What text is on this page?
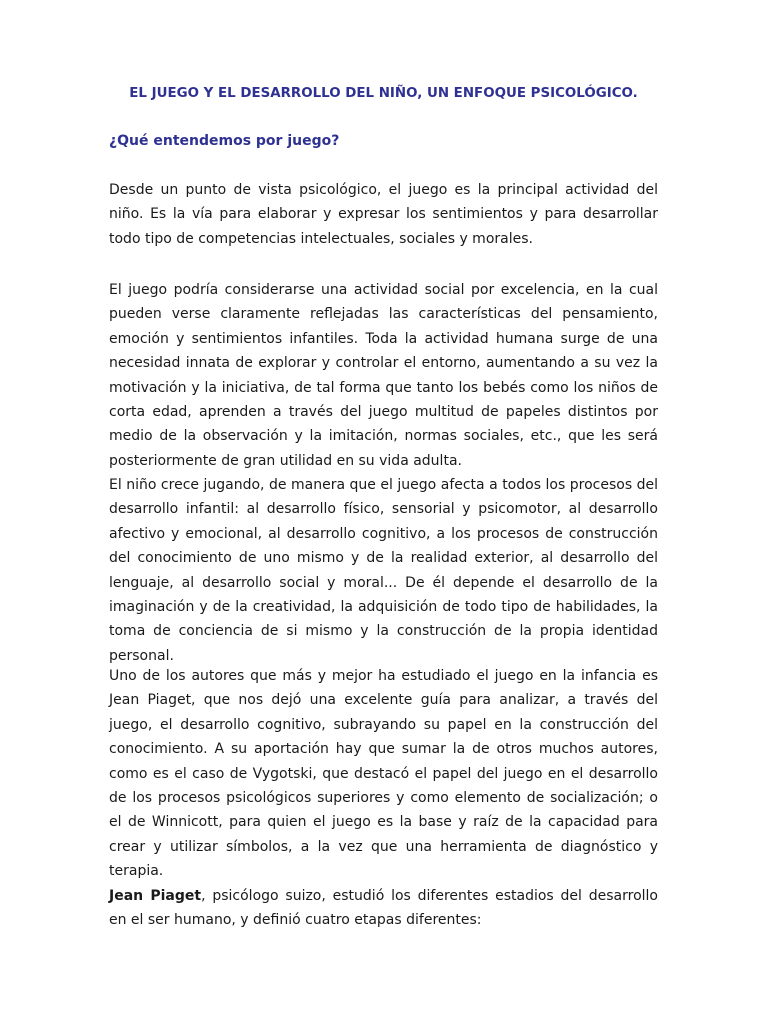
EL JUEGO Y EL DESARROLLO DEL NIÑO, UN ENFOQUE PSICOLÓGICO.
¿Qué entendemos por juego?

Desde un punto de vista psicológico, el juego es la principal actividad del niño. Es la vía para elaborar y expresar los sentimientos y para desarrollar todo tipo de competencias intelectuales, sociales y morales.

El juego podría considerarse una actividad social por excelencia, en la cual pueden verse claramente reflejadas las características del pensamiento, emoción y sentimientos infantiles. Toda la actividad humana surge de una necesidad innata de explorar y controlar el entorno, aumentando a su vez la motivación y la iniciativa, de tal forma que tanto los bebés como los niños de corta edad, aprenden a través del juego multitud de papeles distintos por medio de la observación y la imitación, normas sociales, etc., que les será posteriormente de gran utilidad en su vida adulta.

El niño crece jugando, de manera que el juego afecta a todos los procesos del desarrollo infantil: al desarrollo físico, sensorial y psicomotor, al desarrollo afectivo y emocional, al desarrollo cognitivo, a los procesos de construcción del conocimiento de uno mismo y de la realidad exterior, al desarrollo del lenguaje, al desarrollo social y moral... De él depende el desarrollo de la imaginación y de la creatividad, la adquisición de todo tipo de habilidades, la toma de conciencia de si mismo y la construcción de la propia identidad personal.

Uno de los autores que más y mejor ha estudiado el juego en la infancia es Jean Piaget, que nos dejó una excelente guía para analizar, a través del juego, el desarrollo cognitivo, subrayando su papel en la construcción del conocimiento. A su aportación hay que sumar la de otros muchos autores, como es el caso de Vygotski, que destacó el papel del juego en el desarrollo de los procesos psicológicos superiores y como elemento de socialización; o el de Winnicott, para quien el juego es la base y raíz de la capacidad para crear y utilizar símbolos, a la vez que una herramienta de diagnóstico y terapia.

Jean Piaget, psicólogo suizo, estudió los diferentes estadios del desarrollo en el ser humano, y definió cuatro etapas diferentes:
